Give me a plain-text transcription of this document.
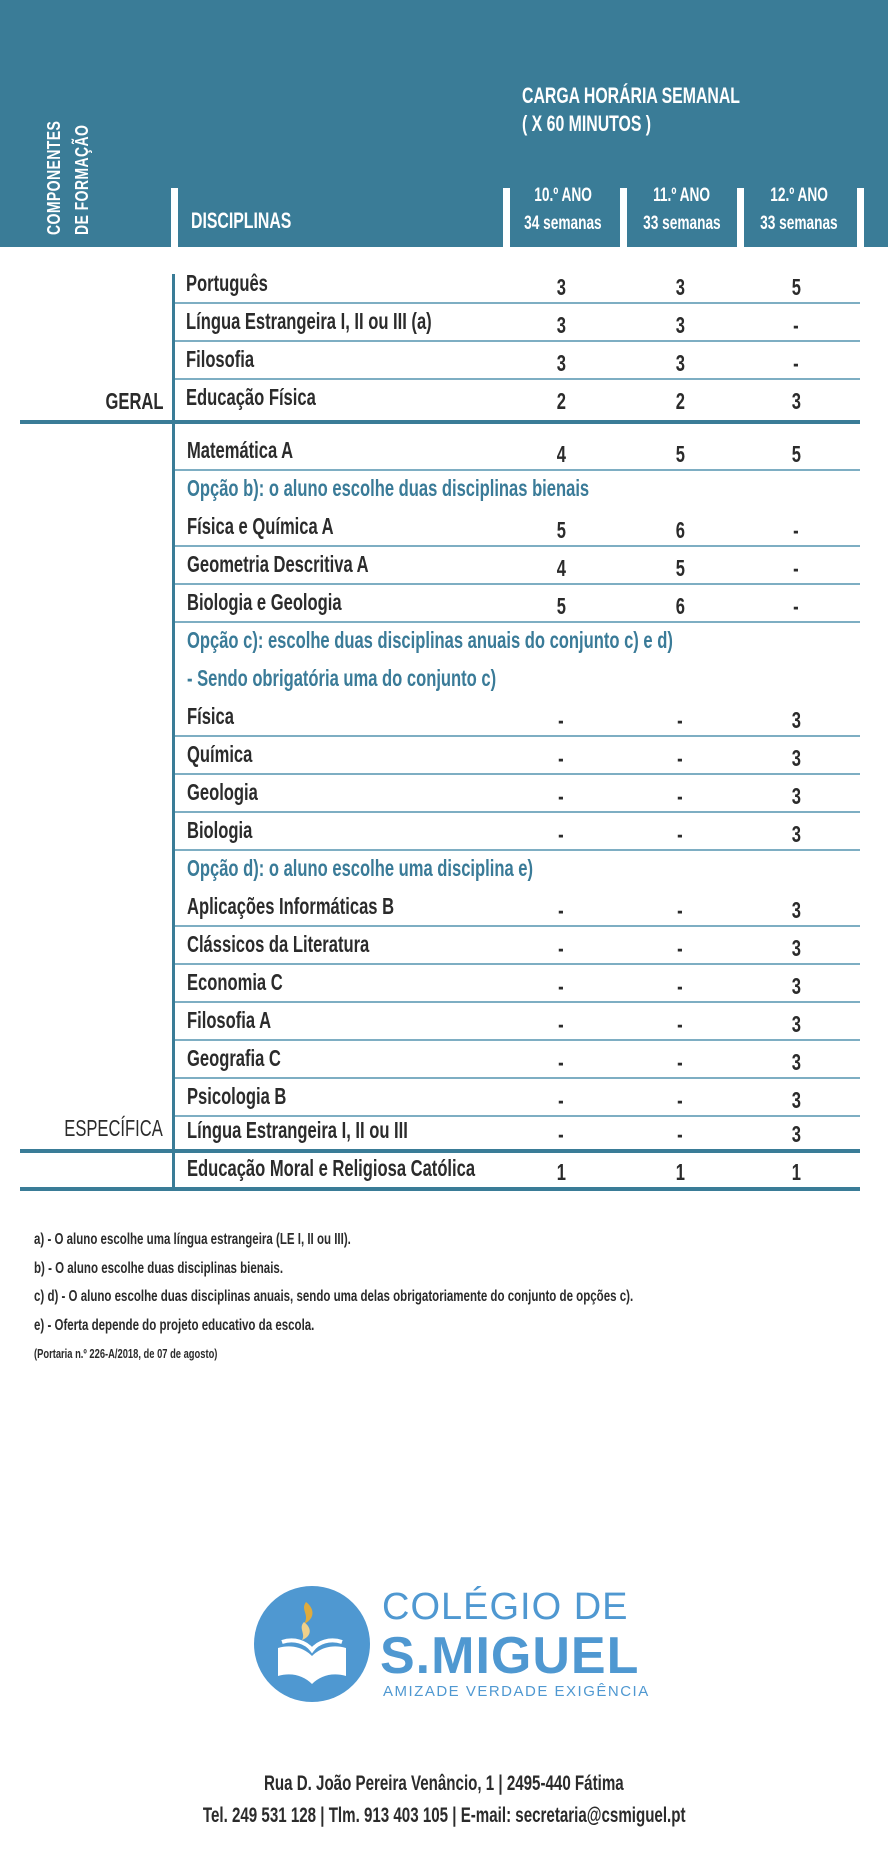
COMPONENTES DE FORMAÇÃO
CARGA HORÁRIA SEMANAL
( X 60 MINUTOS )
DISCIPLINAS
10.º ANO
34 semanas
11.º ANO
33 semanas
12.º ANO
33 semanas
GERAL
ESPECÍFICA
Português	3	3	5
Língua Estrangeira I, II ou III (a)	3	3	-
Filosofia	3	3	-
Educação Física	2	2	3
Matemática A	4	5	5
Opção b): o aluno escolhe duas disciplinas bienais
Física e Química A	5	6	-
Geometria Descritiva A	4	5	-
Biologia e Geologia	5	6	-
Opção c): escolhe duas disciplinas anuais do conjunto c) e d)
- Sendo obrigatória uma do conjunto c)
Física	-	-	3
Química	-	-	3
Geologia	-	-	3
Biologia	-	-	3
Opção d): o aluno escolhe uma disciplina e)
Aplicações Informáticas B	-	-	3
Clássicos da Literatura	-	-	3
Economia C	-	-	3
Filosofia A	-	-	3
Geografia C	-	-	3
Psicologia B	-	-	3
Língua Estrangeira I, II ou III	-	-	3
Educação Moral e Religiosa Católica	1	1	1
a) - O aluno escolhe uma língua estrangeira (LE I, II ou III).
b) - O aluno escolhe duas disciplinas bienais.
c) d) - O aluno escolhe duas disciplinas anuais, sendo uma delas obrigatoriamente do conjunto de opções c).
e) - Oferta depende do projeto educativo da escola.
(Portaria n.º 226-A/2018, de 07 de agosto)
COLÉGIO DE
S.MIGUEL
AMIZADE VERDADE EXIGÊNCIA
Rua D. João Pereira Venâncio, 1 | 2495-440 Fátima
Tel. 249 531 128 | Tlm. 913 403 105 | E-mail: secretaria@csmiguel.pt
